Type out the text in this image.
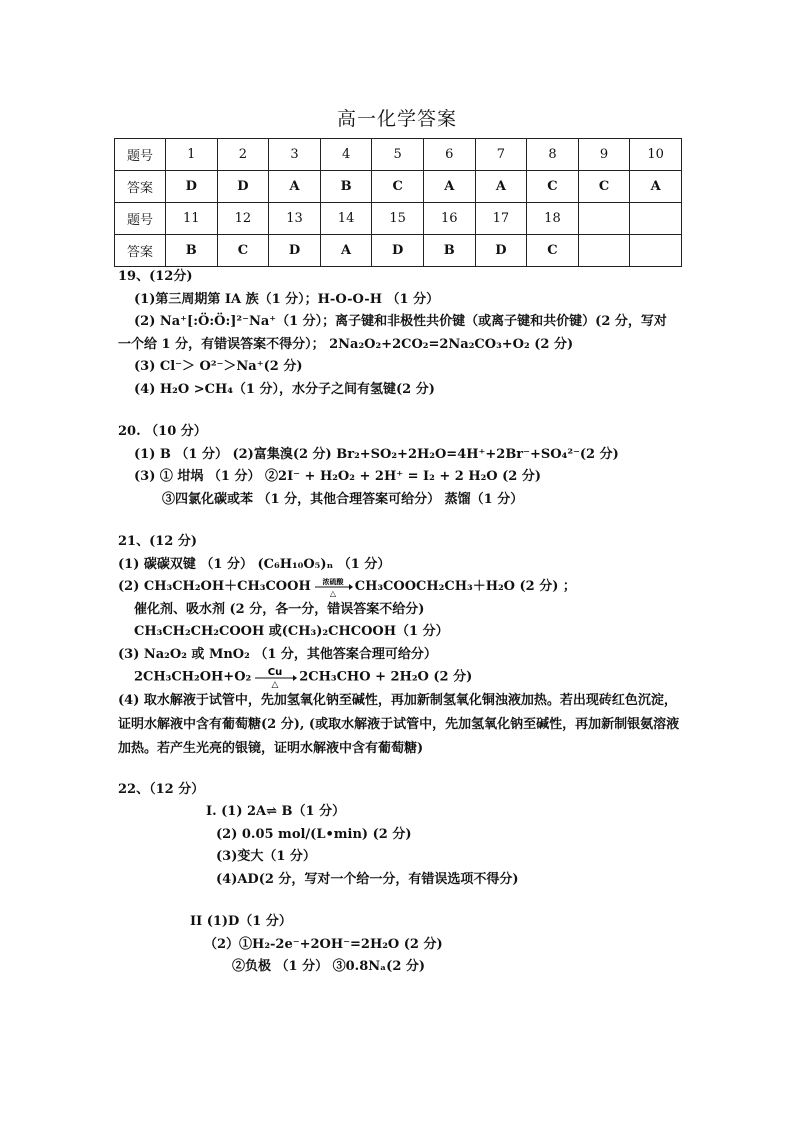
高一化学答案
题号	1	2	3	4	5	6	7	8	9	10
答案	D	D	A	B	C	A	A	C	C	A
题号	11	12	13	14	15	16	17	18		
答案	B	C	D	A	D	B	D	C		
19、(12分)
(1)第三周期第 IA 族（1 分）；H-O-O-H （1 分）
(2) Na⁺[:Ö:Ö:]²⁻Na⁺（1 分）；离子键和非极性共价键（或离子键和共价键）(2 分，写对
一个给 1 分，有错误答案不得分）； 2Na₂O₂+2CO₂=2Na₂CO₃+O₂ (2 分)
(3) Cl⁻＞ O²⁻＞Na⁺(2 分)
(4) H₂O >CH₄（1 分），水分子之间有氢键(2 分)
20. （10 分）
(1) B （1 分） (2)富集溴(2 分) Br₂+SO₂+2H₂O=4H⁺+2Br⁻+SO₄²⁻(2 分)
(3) ① 坩埚 （1 分） ②2I⁻ + H₂O₂ + 2H⁺ = I₂ + 2 H₂O (2 分)
③四氯化碳或苯 （1 分，其他合理答案可给分） 蒸馏（1 分）
21、(12 分)
(1) 碳碳双键 （1 分） (C₆H₁₀O₅)ₙ （1 分）
(2) CH₃CH₂OH＋CH₃COOH 浓硫酸
△ CH₃COOCH₂CH₃＋H₂O (2 分) ；
催化剂、吸水剂 (2 分，各一分，错误答案不给分)
CH₃CH₂CH₂COOH 或(CH₃)₂CHCOOH（1 分）
(3) Na₂O₂ 或 MnO₂ （1 分，其他答案合理可给分）
2CH₃CH₂OH+O₂ Cu
△
2CH₃CHO + 2H₂O (2 分)
(4) 取水解液于试管中，先加氢氧化钠至碱性，再加新制氢氧化铜浊液加热。若出现砖红色沉淀，证明水解液中含有葡萄糖(2 分), (或取水解液于试管中，先加氢氧化钠至碱性，再加新制银氨溶液加热。若产生光亮的银镜，证明水解液中含有葡萄糖)
22、（12 分）
I. (1) 2A⇌ B（1 分）
(2) 0.05 mol/(L•min) (2 分)
(3)变大（1 分）
(4)AD(2 分，写对一个给一分，有错误选项不得分)
II (1)D（1 分）
（2）①H₂-2e⁻+2OH⁻=2H₂O (2 分)
②负极 （1 分） ③0.8Nₐ(2 分)
